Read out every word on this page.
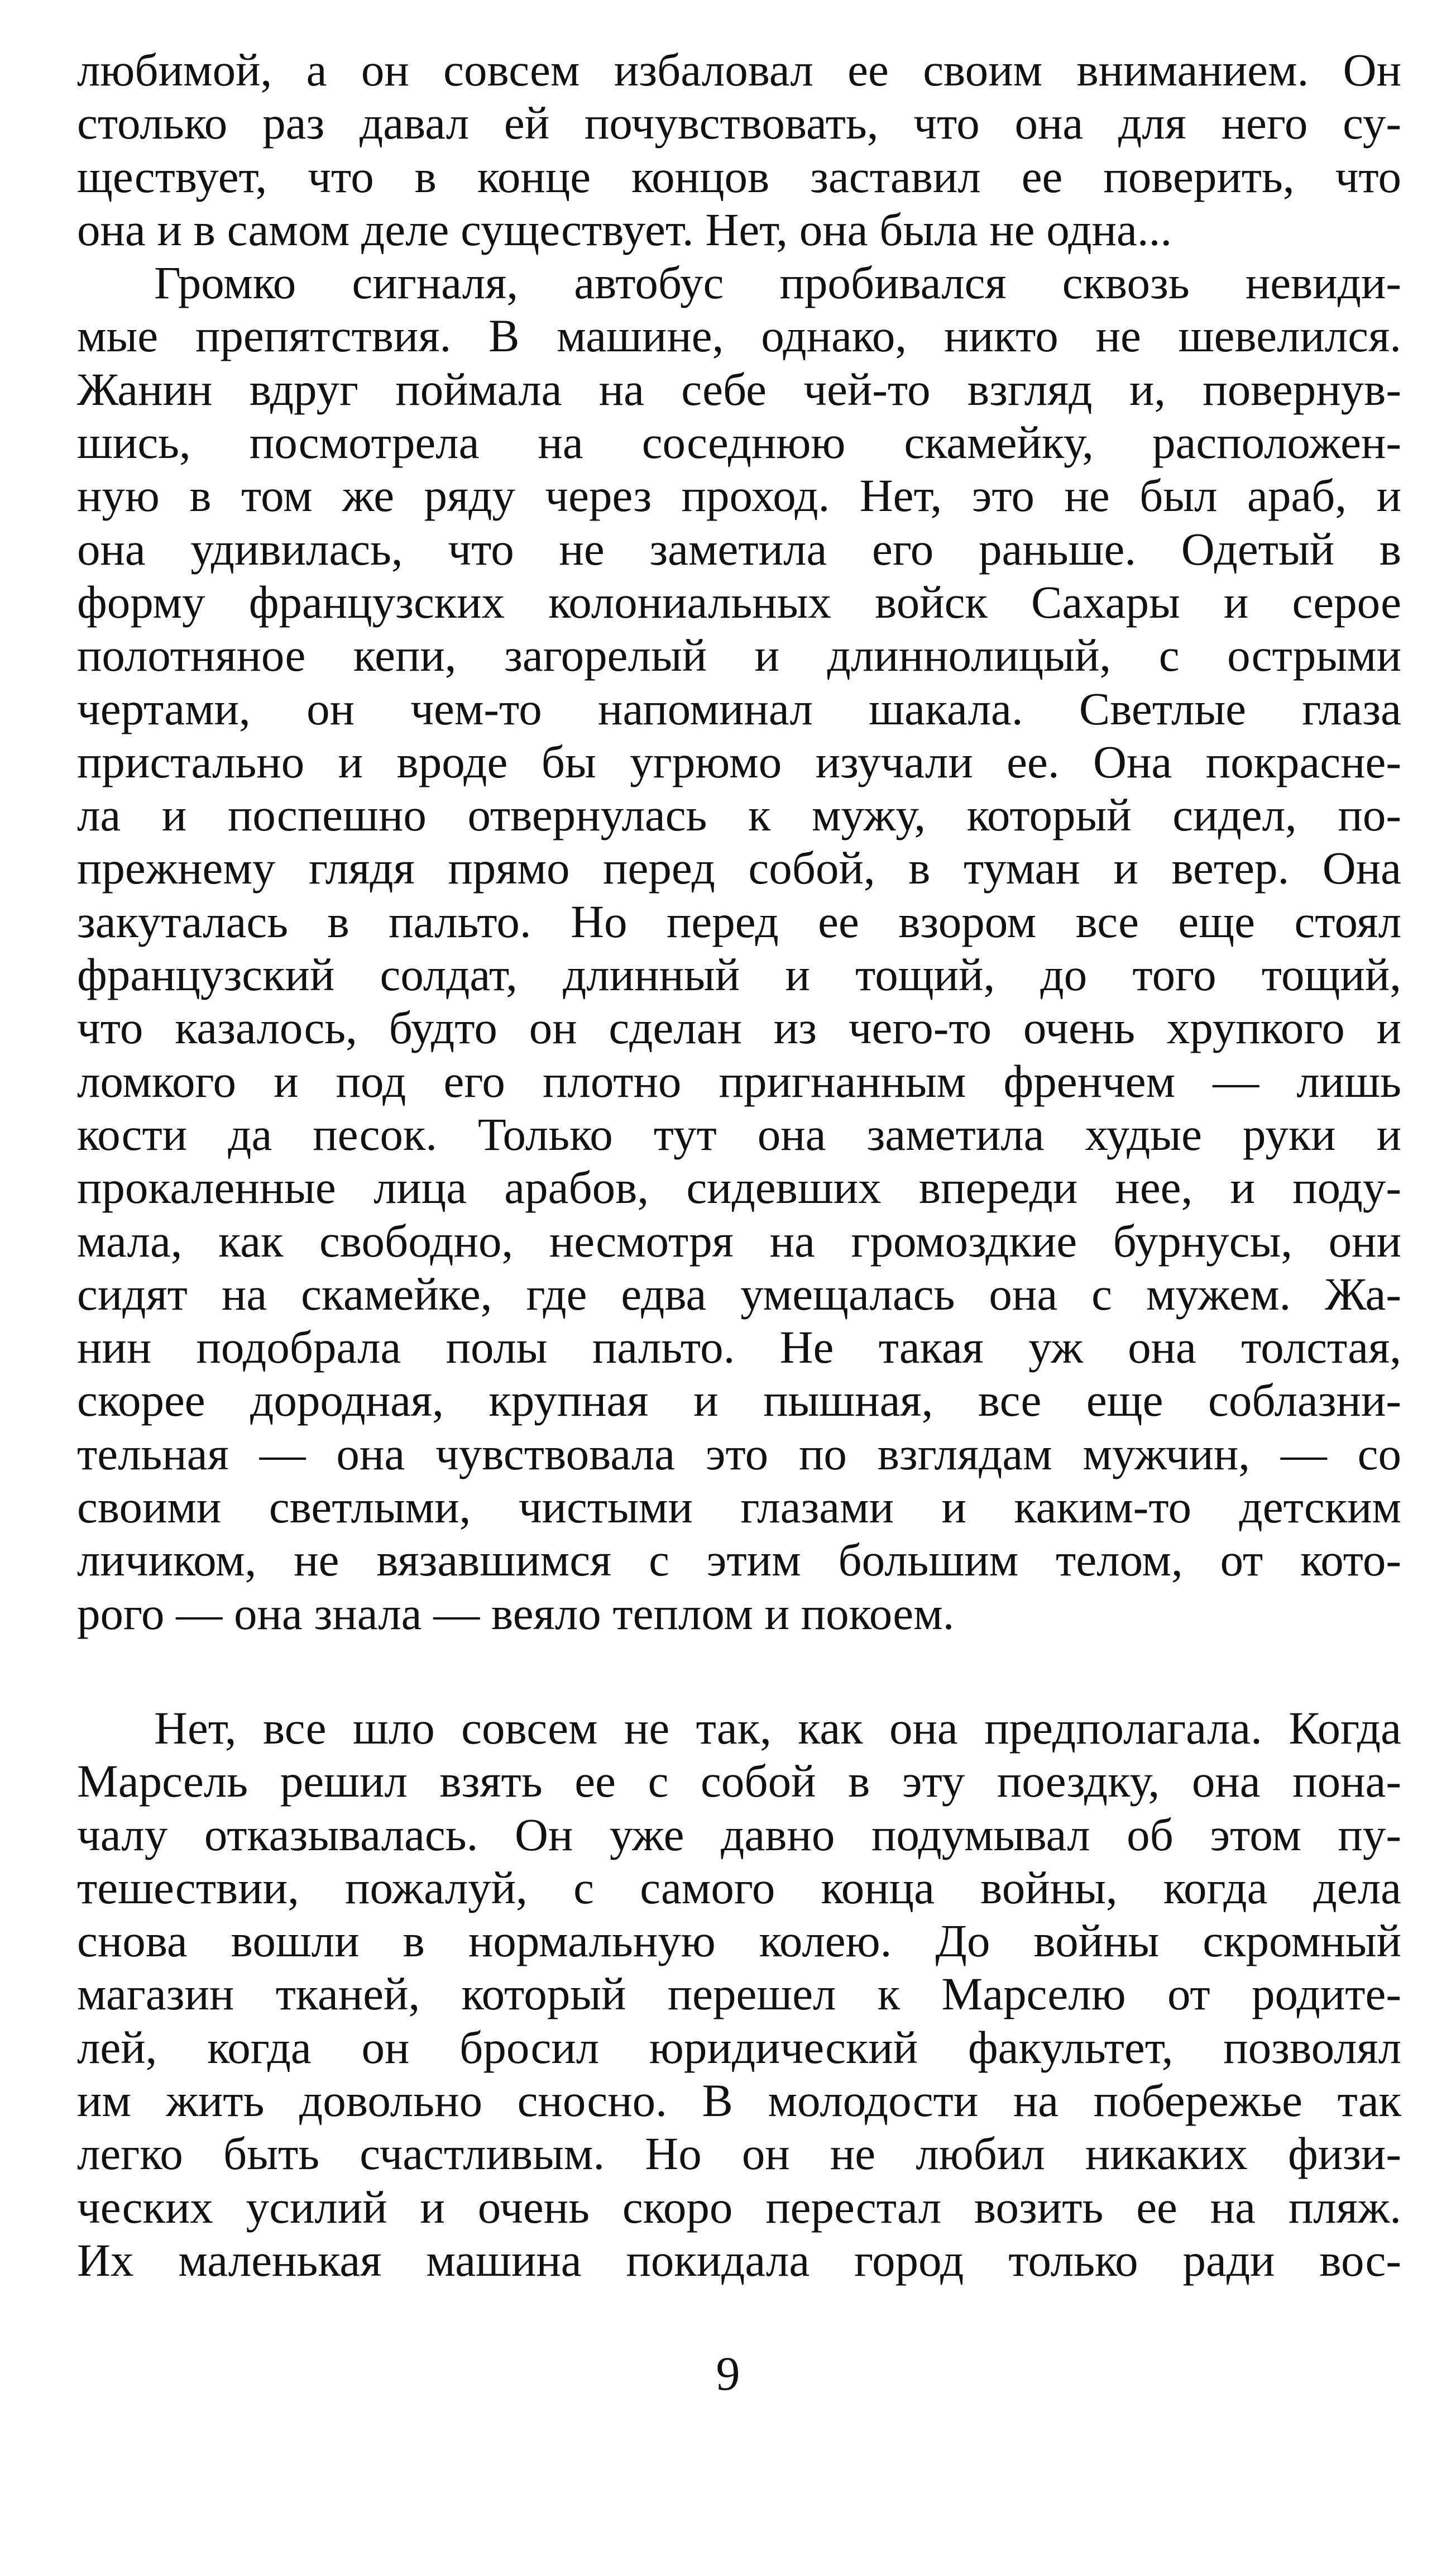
любимой, а он совсем избаловал ее своим вниманием. Он
столько раз давал ей почувствовать, что она для него су-
ществует, что в конце концов заставил ее поверить, что
она и в самом деле существует. Нет, она была не одна...
Громко сигналя, автобус пробивался сквозь невиди-
мые препятствия. В машине, однако, никто не шевелился.
Жанин вдруг поймала на себе чей-то взгляд и, повернув-
шись, посмотрела на соседнюю скамейку, расположен-
ную в том же ряду через проход. Нет, это не был араб, и
она удивилась, что не заметила его раньше. Одетый в
форму французских колониальных войск Сахары и серое
полотняное кепи, загорелый и длиннолицый, с острыми
чертами, он чем-то напоминал шакала. Светлые глаза
пристально и вроде бы угрюмо изучали ее. Она покрасне-
ла и поспешно отвернулась к мужу, который сидел, по-
прежнему глядя прямо перед собой, в туман и ветер. Она
закуталась в пальто. Но перед ее взором все еще стоял
французский солдат, длинный и тощий, до того тощий,
что казалось, будто он сделан из чего-то очень хрупкого и
ломкого и под его плотно пригнанным френчем — лишь
кости да песок. Только тут она заметила худые руки и
прокаленные лица арабов, сидевших впереди нее, и поду-
мала, как свободно, несмотря на громоздкие бурнусы, они
сидят на скамейке, где едва умещалась она с мужем. Жа-
нин подобрала полы пальто. Не такая уж она толстая,
скорее дородная, крупная и пышная, все еще соблазни-
тельная — она чувствовала это по взглядам мужчин, — со
своими светлыми, чистыми глазами и каким-то детским
личиком, не вязавшимся с этим большим телом, от кото-
рого — она знала — веяло теплом и покоем.
Нет, все шло совсем не так, как она предполагала. Когда
Марсель решил взять ее с собой в эту поездку, она пона-
чалу отказывалась. Он уже давно подумывал об этом пу-
тешествии, пожалуй, с самого конца войны, когда дела
снова вошли в нормальную колею. До войны скромный
магазин тканей, который перешел к Марселю от родите-
лей, когда он бросил юридический факультет, позволял
им жить довольно сносно. В молодости на побережье так
легко быть счастливым. Но он не любил никаких физи-
ческих усилий и очень скоро перестал возить ее на пляж.
Их маленькая машина покидала город только ради вос-
9
